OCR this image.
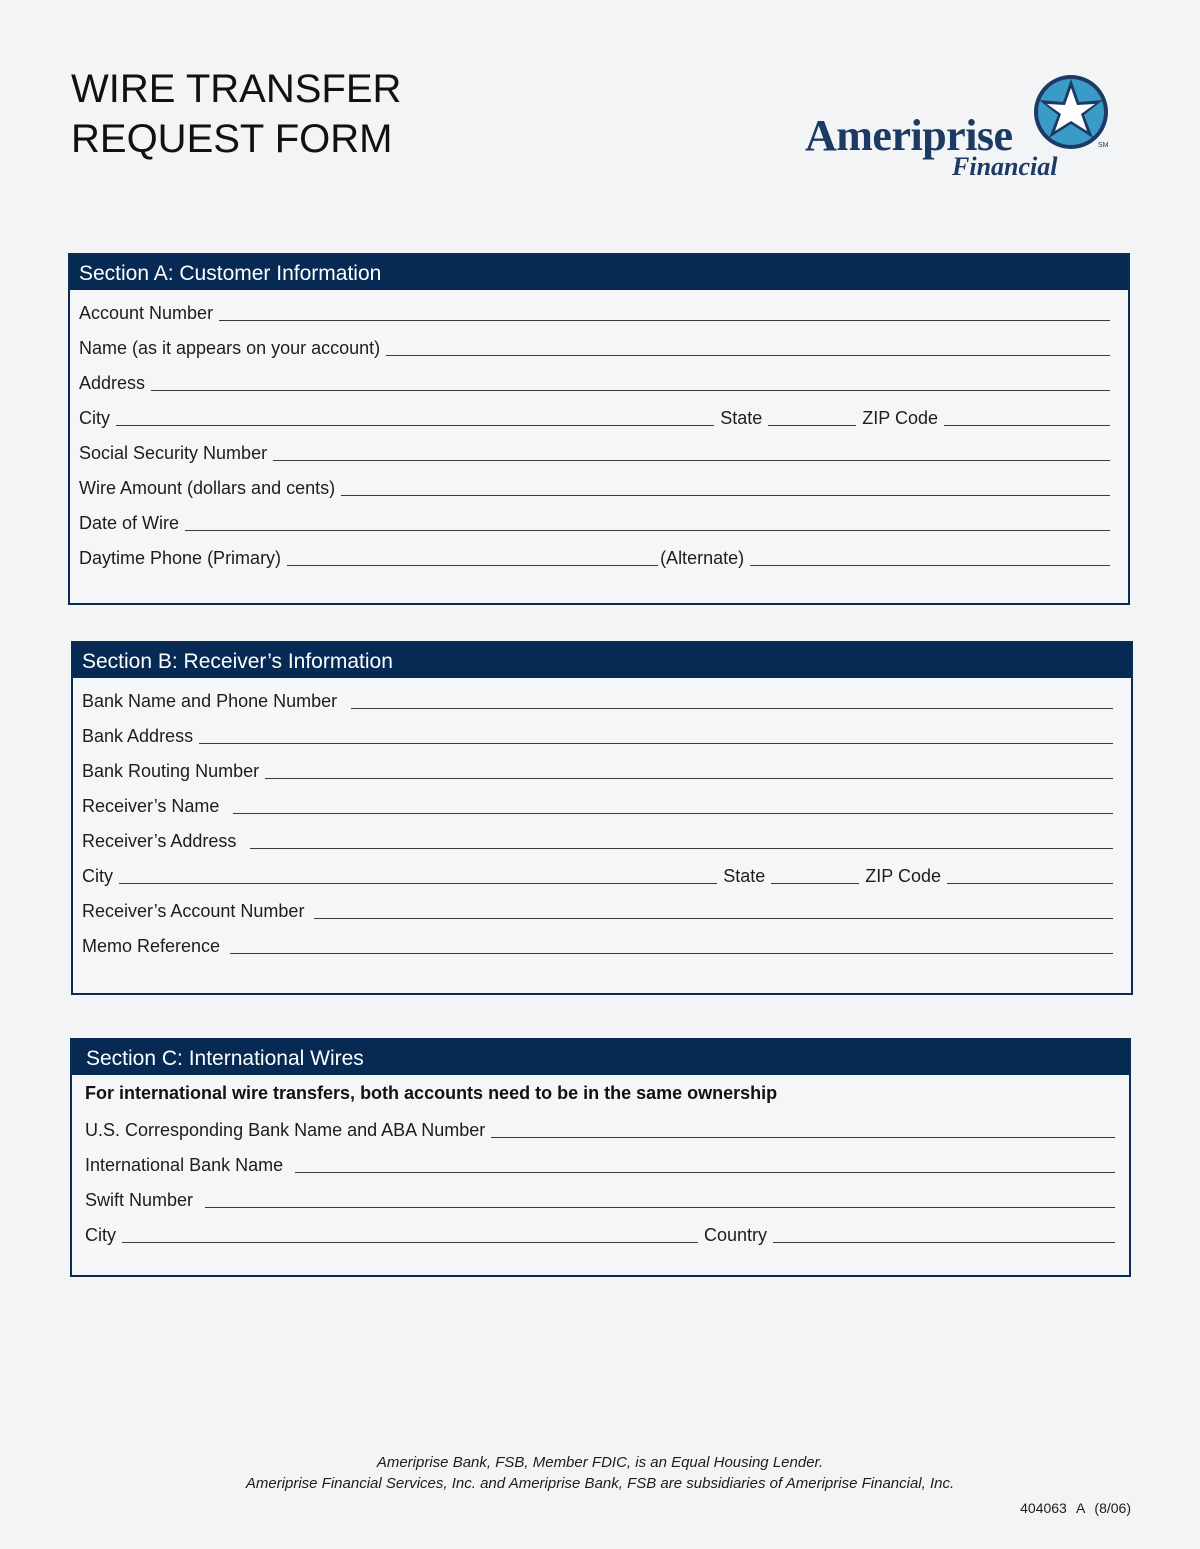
WIRE TRANSFER
REQUEST FORM	Ameriprise
Financial
SM
Section A: Customer Information
Account Number
Name (as it appears on your account)
Address
City	State	ZIP Code
Social Security Number
Wire Amount (dollars and cents)
Date of Wire
Daytime Phone (Primary)	(Alternate)
Section B: Receiver’s Information
Bank Name and Phone Number
Bank Address
Bank Routing Number
Receiver’s Name
Receiver’s Address
City	State	ZIP Code
Receiver’s Account Number
Memo Reference
Section C: International Wires
For international wire transfers, both accounts need to be in the same ownership
U.S. Corresponding Bank Name and ABA Number
International Bank Name
Swift Number
City	Country
Ameriprise Bank, FSB, Member FDIC, is an Equal Housing Lender.
Ameriprise Financial Services, Inc. and Ameriprise Bank, FSB are subsidiaries of Ameriprise Financial, Inc.
404063 A (8/06)
